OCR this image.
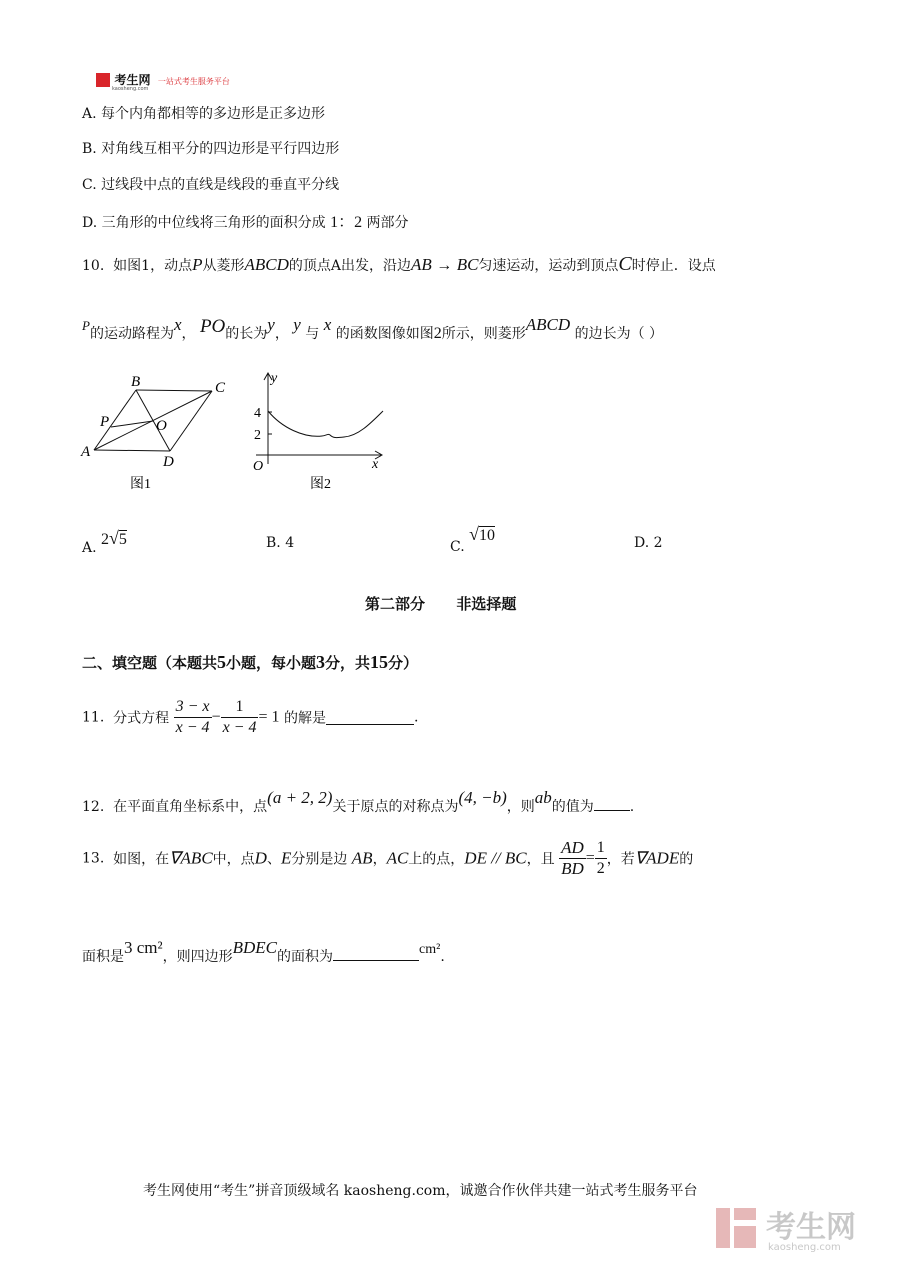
考生网 一站式考生服务平台
kaosheng.com
A. 每个内角都相等的多边形是正多边形
B. 对角线互相平分的四边形是平行四边形
C. 过线段中点的直线是线段的垂直平分线
D. 三角形的中位线将三角形的面积分成 1：2 两部分
10. 如图1，动点P从菱形ABCD的顶点A出发，沿边AB → BC匀速运动，运动到顶点C时停止．设点
P的运动路程为x， PO的长为y， y 与 x 的函数图像如图2所示，则菱形ABCD 的边长为（ ）
A
B	C
D
P	O
图1
y
x
O
4
2
图2
A. 2√5	B. 4	C. √10	D. 2
第二部分      非选择题
二、填空题（本题共5小题，每小题3分，共15分）
11. 分式方程 $\frac{3 - x}{x - 4} - \frac{1}{x - 4} = 1$ 的解是	.
12. 在平面直角坐标系中，点(a + 2, 2)关于原点的对称点为(4, −b)，则ab的值为	.
13. 如图，在∇ABC中，点D、E分别是边 AB，AC上的点，DE // BC，且 $\frac{AD}{BD} = \frac{1}{2}$ ，若∇ADE的
面积是3 cm²，则四边形BDEC的面积为	cm².
考生网使用“考生”拼音顶级域名 kaosheng.com，诚邀合作伙伴共建一站式考生服务平台
考生网
kaosheng.com
